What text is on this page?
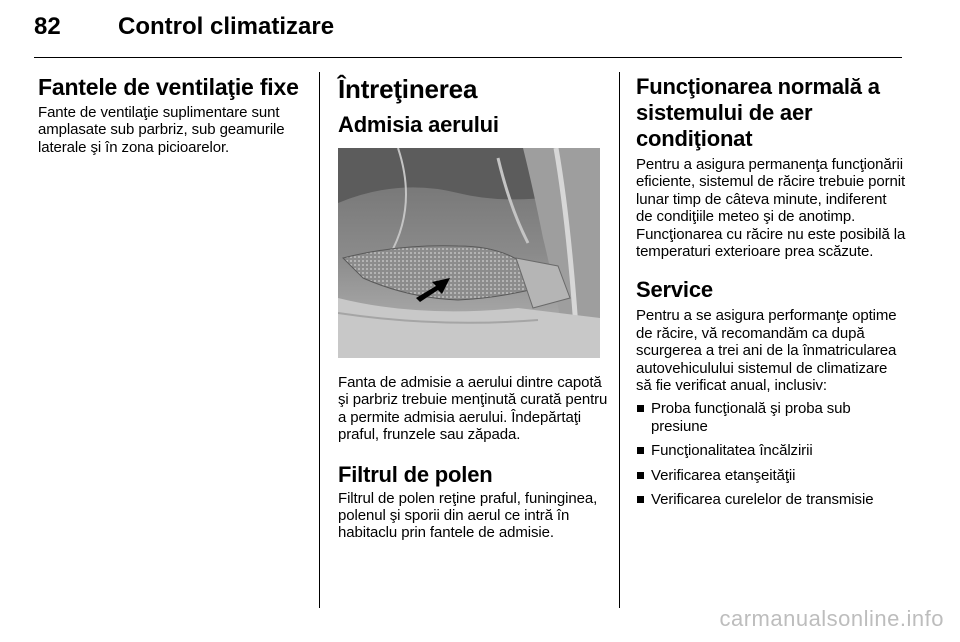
82 Control climatizare
Fantele de ventilaţie fixe

Fante de ventilaţie suplimentare sunt amplasate sub parbriz, sub geamurile laterale şi în zona picioarelor.

Întreţinerea
Admisia aerului

Fanta de admisie a aerului dintre capotă şi parbriz trebuie menţinută curată pentru a permite admisia aerului. Îndepărtaţi praful, frunzele sau zăpada.

Filtrul de polen

Filtrul de polen reţine praful, funinginea, polenul şi sporii din aerul ce intră în habitaclu prin fantele de admisie.

Funcţionarea normală a sistemului de aer condiţionat

Pentru a asigura permanenţa funcţionării eficiente, sistemul de răcire trebuie pornit lunar timp de câteva minute, indiferent de condiţiile meteo şi de anotimp. Funcţionarea cu răcire nu este posibilă la temperaturi exterioare prea scăzute.

Service

Pentru a se asigura performanţe optime de răcire, vă recomandăm ca după scurgerea a trei ani de la înmatricularea autovehiculului sistemul de climatizare să fie verificat anual, inclusiv:

Proba funcţională şi proba sub presiune
Funcţionalitatea încălzirii
Verificarea etanşeităţii
Verificarea curelelor de transmisie
carmanualsonline.info
